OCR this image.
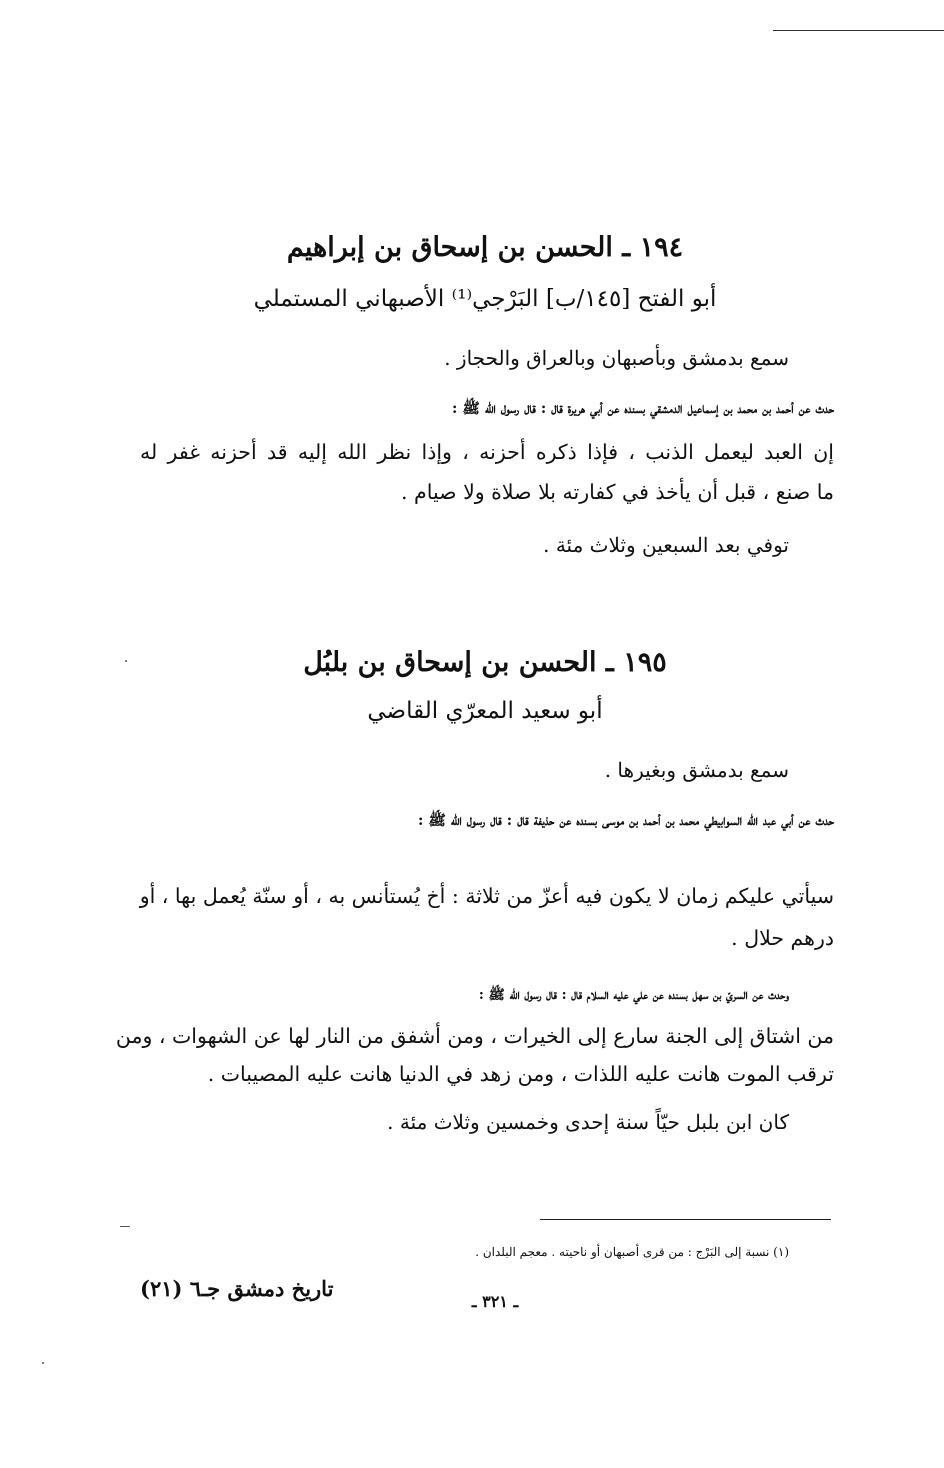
١٩٤ ـ الحسن بن إسحاق بن إبراهيم
أبو الفتح [١٤٥/ب] البَرْجي⁽¹⁾ الأصبهاني المستملي
سمع بدمشق وبأصبهان وبالعراق والحجاز .
حدث عن أحمد بن محمد بن إسماعيل الدمشقي بسنده عن أبي هريرة قال : قال رسول الله ﷺ :
إن العبد ليعمل الذنب ، فإذا ذكره أحزنه ، وإذا نظر الله إليه قد أحزنه غفر له
ما صنع ، قبل أن يأخذ في كفارته بلا صلاة ولا صيام .
توفي بعد السبعين وثلاث مئة .
١٩٥ ـ الحسن بن إسحاق بن بلبُل
أبو سعيد المعرّي القاضي
سمع بدمشق وبغيرها .
حدث عن أبي عبد الله السوابيطي محمد بن أحمد بن موسى بسنده عن حذيفة قال : قال رسول الله ﷺ :
سيأتي عليكم زمان لا يكون فيه أعزّ من ثلاثة : أخ يُستأنس به ، أو سنّة يُعمل بها ، أو
درهم حلال .
وحدث عن السريّ بن سهل بسنده عن علي عليه السلام قال : قال رسول الله ﷺ :
من اشتاق إلى الجنة سارع إلى الخيرات ، ومن أشفق من النار لها عن الشهوات ، ومن
ترقب الموت هانت عليه اللذات ، ومن زهد في الدنيا هانت عليه المصيبات .
كان ابن بلبل حيّاً سنة إحدى وخمسين وثلاث مئة .
(١) نسبة إلى البَرْج : من قرى أصبهان أو ناحيته . معجم البلدان .
تاريخ دمشق جـ٦ (٢١)
ـ ٣٢١ ـ
